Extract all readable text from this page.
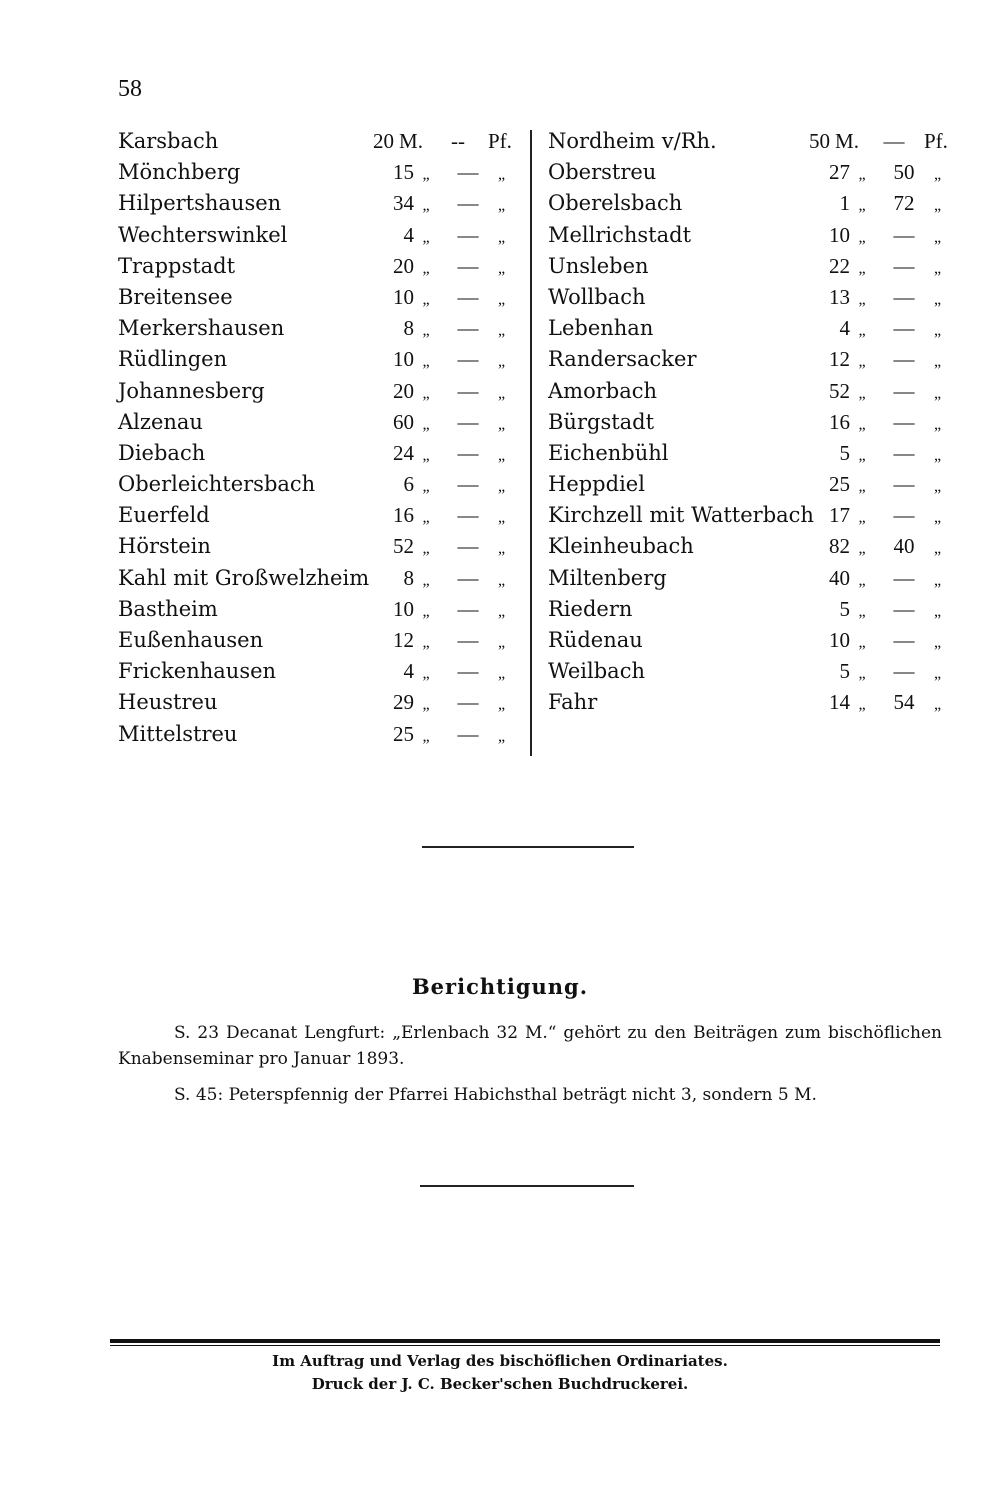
58
Karsbach	20 M. -- Pf.
Mönchberg	15 „ — „
Hilpertshausen	34 „ — „
Wechterswinkel	4 „ — „
Trappstadt	20 „ — „
Breitensee	10 „ — „
Merkershausen	8 „ — „
Rüdlingen	10 „ — „
Johannesberg	20 „ — „
Alzenau	60 „ — „
Diebach	24 „ — „
Oberleichtersbach	6 „ — „
Euerfeld	16 „ — „
Hörstein	52 „ — „
Kahl mit Großwelzheim	8 „ — „
Bastheim	10 „ — „
Eußenhausen	12 „ — „
Frickenhausen	4 „ — „
Heustreu	29 „ — „
Mittelstreu	25 „ — „
Nordheim v/Rh.	50 M. — Pf.
Oberstreu	27 „ 50 „
Oberelsbach	1 „ 72 „
Mellrichstadt	10 „ — „
Unsleben	22 „ — „
Wollbach	13 „ — „
Lebenhan	4 „ — „
Randersacker	12 „ — „
Amorbach	52 „ — „
Bürgstadt	16 „ — „
Eichenbühl	5 „ — „
Heppdiel	25 „ — „
Kirchzell mit Watterbach 17 „ — „
Kleinheubach	82 „ 40 „
Miltenberg	40 „ — „
Riedern	5 „ — „
Rüdenau	10 „ — „
Weilbach	5 „ — „
Fahr	14 „ 54 „
Berichtigung.
S. 23 Decanat Lengfurt: „Erlenbach 32 M.“ gehört zu den Beiträgen zum bischöflichen Knabenseminar pro Januar 1893.
S. 45: Peterspfennig der Pfarrei Habichsthal beträgt nicht 3, sondern 5 M.
Im Auftrag und Verlag des bischöflichen Ordinariates.
Druck der J. C. Becker'schen Buchdruckerei.
